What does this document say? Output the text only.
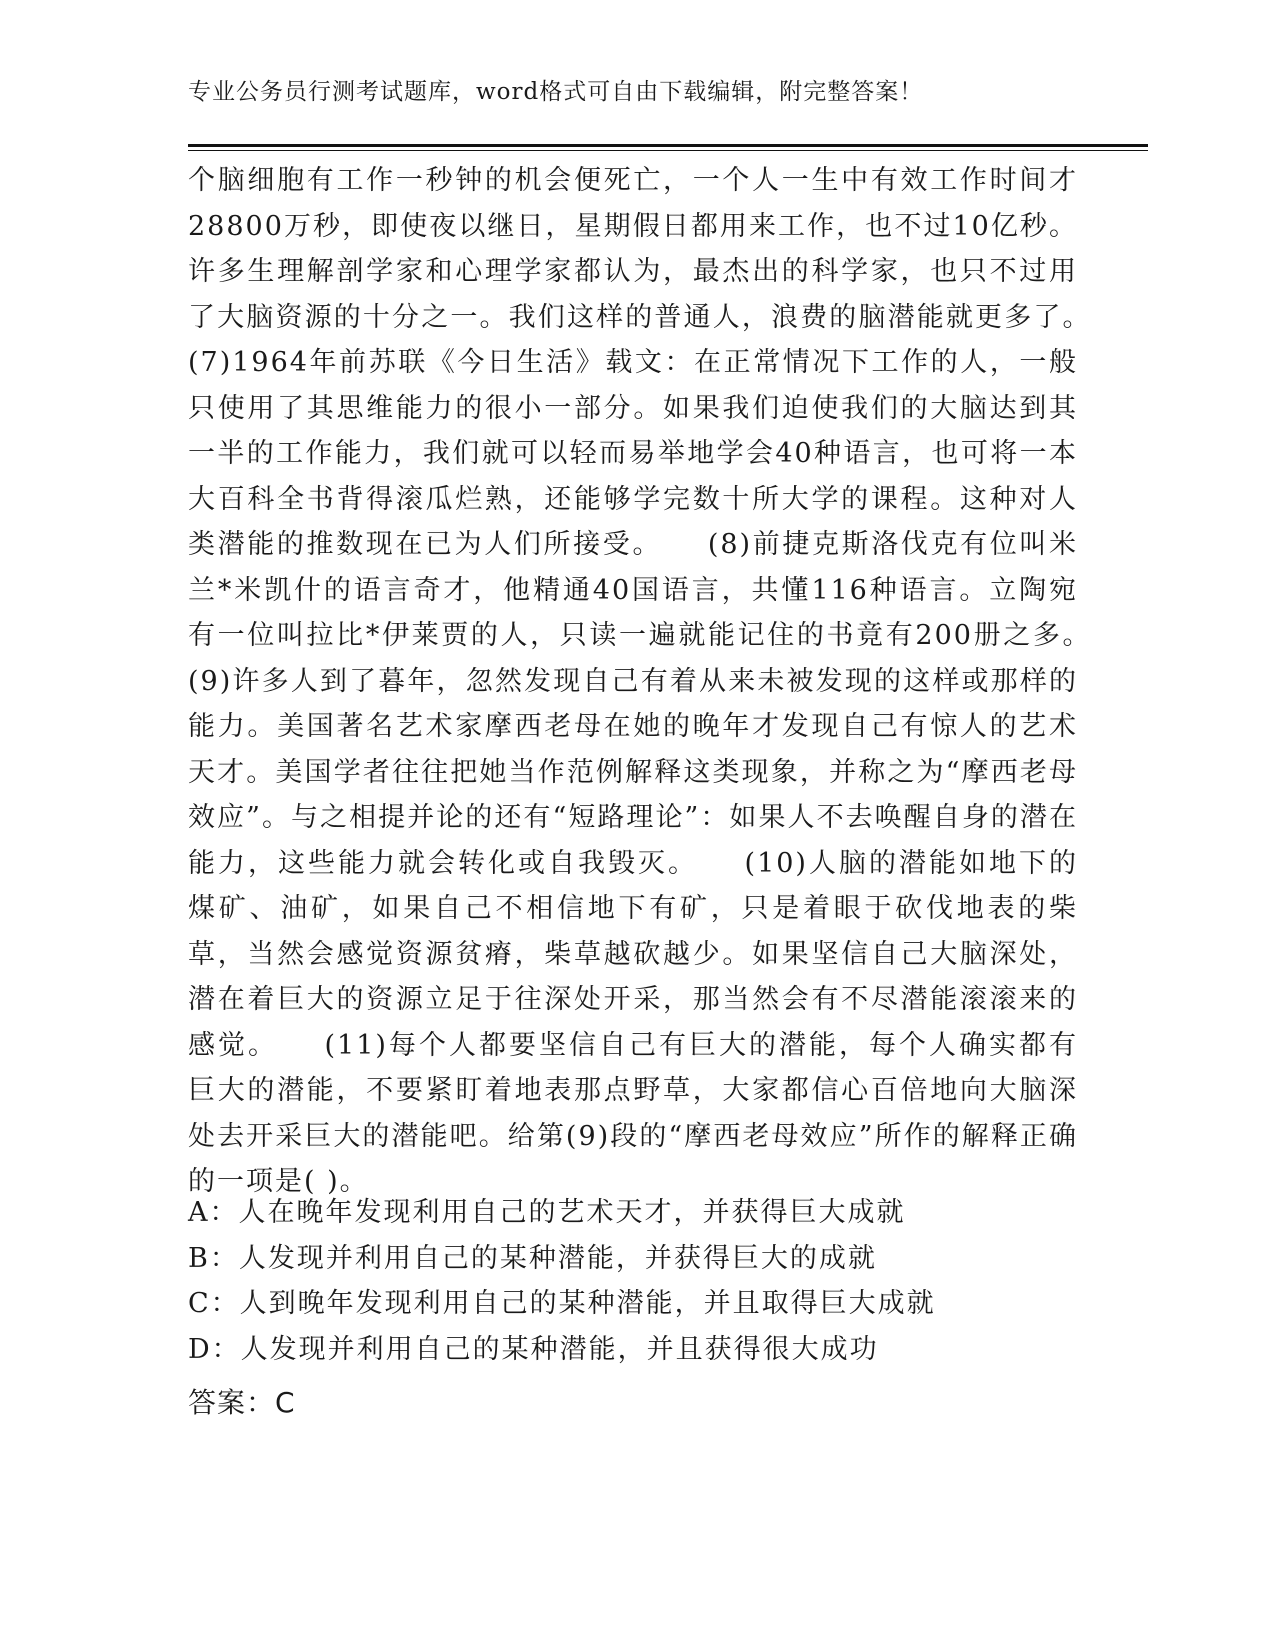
专业公务员行测考试题库，word格式可自由下载编辑，附完整答案！

个脑细胞有工作一秒钟的机会便死亡，一个人一生中有效工作时间才28800万秒，即使夜以继日，星期假日都用来工作，也不过10亿秒。许多生理解剖学家和心理学家都认为，最杰出的科学家，也只不过用了大脑资源的十分之一。我们这样的普通人，浪费的脑潜能就更多了。　　(7)1964年前苏联《今日生活》载文：在正常情况下工作的人，一般只使用了其思维能力的很小一部分。如果我们迫使我们的大脑达到其一半的工作能力，我们就可以轻而易举地学会40种语言，也可将一本大百科全书背得滚瓜烂熟，还能够学完数十所大学的课程。这种对人类潜能的推数现在已为人们所接受。　　(8)前捷克斯洛伐克有位叫米兰*米凯什的语言奇才，他精通40国语言，共懂116种语言。立陶宛有一位叫拉比*伊莱贾的人，只读一遍就能记住的书竟有200册之多。　　(9)许多人到了暮年，忽然发现自己有着从来未被发现的这样或那样的能力。美国著名艺术家摩西老母在她的晚年才发现自己有惊人的艺术天才。美国学者往往把她当作范例解释这类现象，并称之为“摩西老母效应”。与之相提并论的还有“短路理论”：如果人不去唤醒自身的潜在能力，这些能力就会转化或自我毁灭。　　(10)人脑的潜能如地下的煤矿、油矿，如果自己不相信地下有矿，只是着眼于砍伐地表的柴草，当然会感觉资源贫瘠，柴草越砍越少。如果坚信自己大脑深处，潜在着巨大的资源立足于往深处开采，那当然会有不尽潜能滚滚来的感觉。　　(11)每个人都要坚信自己有巨大的潜能，每个人确实都有巨大的潜能，不要紧盯着地表那点野草，大家都信心百倍地向大脑深处去开采巨大的潜能吧。给第(9)段的“摩西老母效应”所作的解释正确的一项是( )。

A：人在晚年发现利用自己的艺术天才，并获得巨大成就
B：人发现并利用自己的某种潜能，并获得巨大的成就
C：人到晚年发现利用自己的某种潜能，并且取得巨大成就
D：人发现并利用自己的某种潜能，并且获得很大成功
答案：C
